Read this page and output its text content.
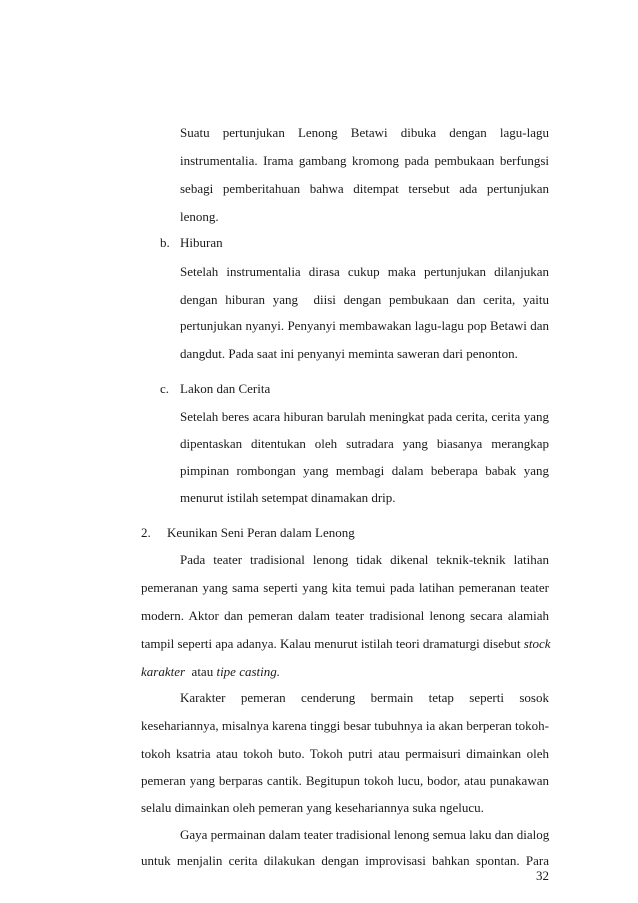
Suatu pertunjukan Lenong Betawi dibuka dengan lagu-lagu
instrumentalia. Irama gambang kromong pada pembukaan berfungsi
sebagi pemberitahuan bahwa ditempat tersebut ada pertunjukan
lenong.
b. Hiburan
Setelah instrumentalia dirasa cukup maka pertunjukan dilanjukan
dengan hiburan yang  diisi dengan pembukaan dan cerita, yaitu
pertunjukan nyanyi. Penyanyi membawakan lagu-lagu pop Betawi dan
dangdut. Pada saat ini penyanyi meminta saweran dari penonton.
c. Lakon dan Cerita
Setelah beres acara hiburan barulah meningkat pada cerita, cerita yang
dipentaskan ditentukan oleh sutradara yang biasanya merangkap
pimpinan rombongan yang membagi dalam beberapa babak yang
menurut istilah setempat dinamakan drip.
2. Keunikan Seni Peran dalam Lenong
Pada teater tradisional lenong tidak dikenal teknik-teknik latihan
pemeranan yang sama seperti yang kita temui pada latihan pemeranan teater
modern. Aktor dan pemeran dalam teater tradisional lenong secara alamiah
tampil seperti apa adanya. Kalau menurut istilah teori dramaturgi disebut stock
karakter  atau tipe casting.
Karakter pemeran cenderung bermain tetap seperti sosok
kesehariannya, misalnya karena tinggi besar tubuhnya ia akan berperan tokoh-
tokoh ksatria atau tokoh buto. Tokoh putri atau permaisuri dimainkan oleh
pemeran yang berparas cantik. Begitupun tokoh lucu, bodor, atau punakawan
selalu dimainkan oleh pemeran yang kesehariannya suka ngelucu.
Gaya permainan dalam teater tradisional lenong semua laku dan dialog
untuk menjalin cerita dilakukan dengan improvisasi bahkan spontan. Para
32
